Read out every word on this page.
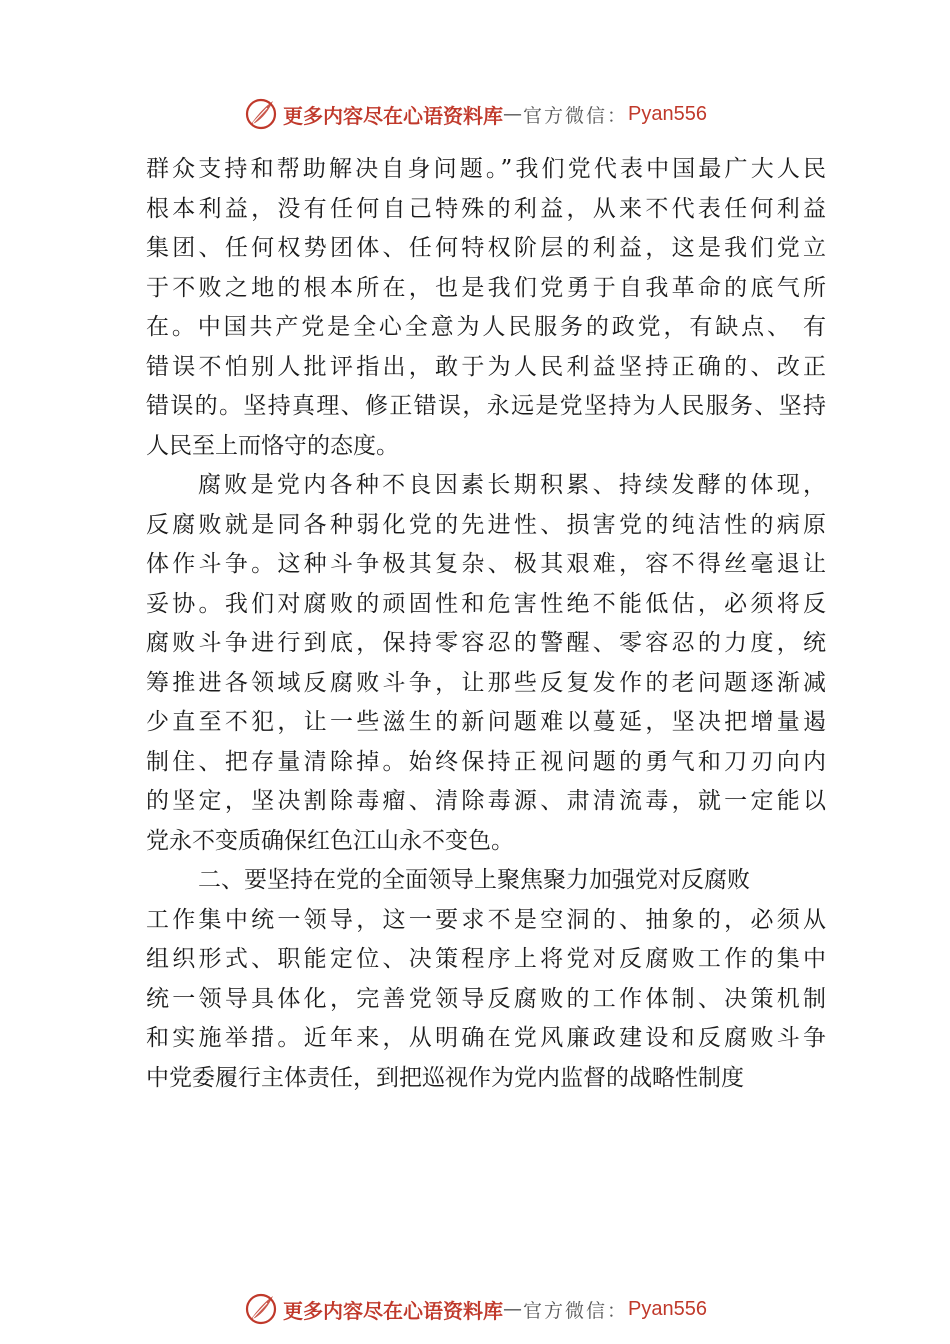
更多内容尽在心语资料库 — 官方微信： Pyan556
群众支持和帮助解决自身问题。”我们党代表中国最广大人民
根本利益，没有任何自己特殊的利益，从来不代表任何利益
集团、任何权势团体、任何特权阶层的利益，这是我们党立
于不败之地的根本所在，也是我们党勇于自我革命的底气所
在。中国共产党是全心全意为人民服务的政党，有缺点、 有
错误不怕别人批评指出，敢于为人民利益坚持正确的、改正
错误的。坚持真理、修正错误，永远是党坚持为人民服务、坚持
人民至上而恪守的态度。
腐败是党内各种不良因素长期积累、持续发酵的体现，
反腐败就是同各种弱化党的先进性、损害党的纯洁性的病原
体作斗争。这种斗争极其复杂、极其艰难，容不得丝毫退让
妥协。我们对腐败的顽固性和危害性绝不能低估，必须将反
腐败斗争进行到底，保持零容忍的警醒、零容忍的力度，统
筹推进各领域反腐败斗争，让那些反复发作的老问题逐渐减
少直至不犯，让一些滋生的新问题难以蔓延，坚决把增量遏
制住、把存量清除掉。始终保持正视问题的勇气和刀刃向内
的坚定，坚决割除毒瘤、清除毒源、肃清流毒，就一定能以
党永不变质确保红色江山永不变色。
二、要坚持在党的全面领导上聚焦聚力加强党对反腐败
工作集中统一领导，这一要求不是空洞的、抽象的，必须从
组织形式、职能定位、决策程序上将党对反腐败工作的集中
统一领导具体化，完善党领导反腐败的工作体制、决策机制
和实施举措。近年来，从明确在党风廉政建设和反腐败斗争
中党委履行主体责任，到把巡视作为党内监督的战略性制度
更多内容尽在心语资料库 — 官方微信： Pyan556
